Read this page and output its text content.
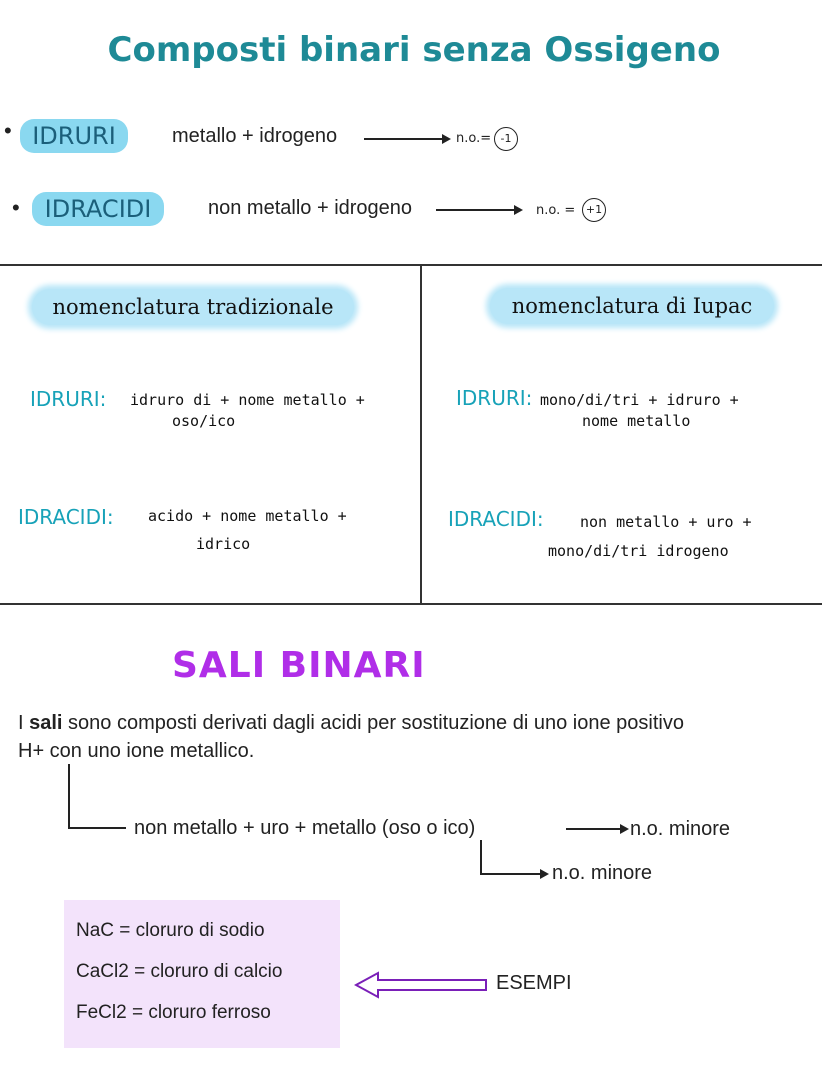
Composti binari senza Ossigeno
• IDRURI	metallo + idrogeno	n.o.= -1
•	IDRACIDI	non metallo + idrogeno	n.o. = +1
nomenclatura tradizionale
IDRURI: idruro di + nome metallo +
oso/ico
IDRACIDI: acido + nome metallo +
idrico
nomenclatura di Iupac
IDRURI: mono/di/tri + idruro +
nome metallo
IDRACIDI: non metallo + uro +
mono/di/tri idrogeno
SALI BINARI
I sali sono composti derivati dagli acidi per sostituzione di uno ione positivo
H+ con uno ione metallico.
non metallo + uro + metallo (oso o ico)	n.o. minore
n.o. minore
NaC = cloruro di sodio
CaCl2 = cloruro di calcio
FeCl2 = cloruro ferroso
ESEMPI
